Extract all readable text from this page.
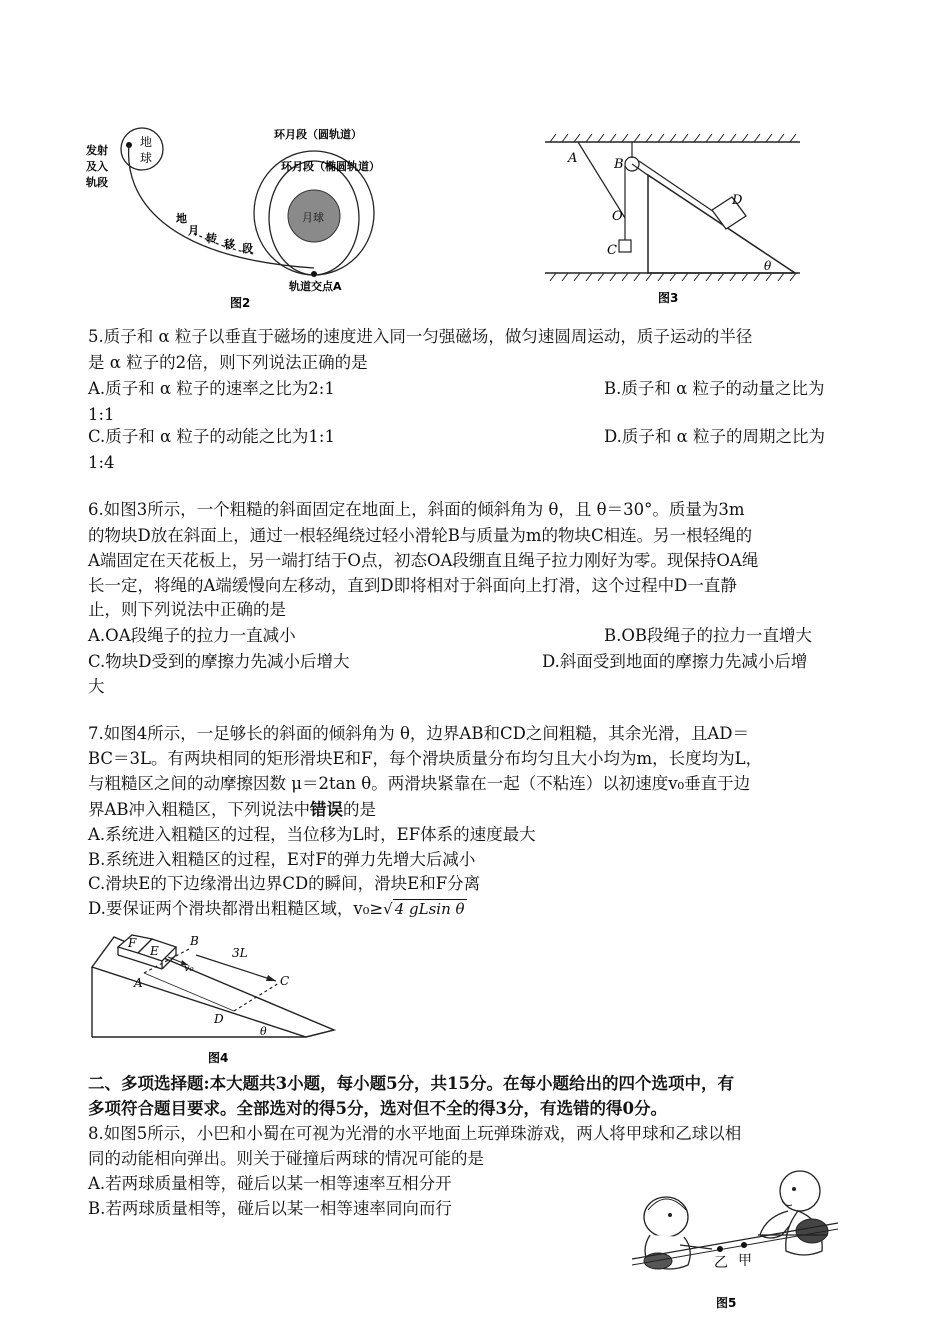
地
球
发射
及入
轨段
月球
环月段（圆轨道）
环月段（椭圆轨道）
地
月
转 移 段
轨道交点A
图2
A	B
O
C
D
θ
图3
5.质子和 α 粒子以垂直于磁场的速度进入同一匀强磁场，做匀速圆周运动，质子运动的半径
是 α 粒子的2倍，则下列说法正确的是
A.质子和 α 粒子的速率之比为2:1	B.质子和 α 粒子的动量之比为
1:1
C.质子和 α 粒子的动能之比为1:1	D.质子和 α 粒子的周期之比为
1:4
6.如图3所示，一个粗糙的斜面固定在地面上，斜面的倾斜角为 θ，且 θ＝30°。质量为3m
的物块D放在斜面上，通过一根轻绳绕过轻小滑轮B与质量为m的物块C相连。另一根轻绳的
A端固定在天花板上，另一端打结于O点，初态OA段绷直且绳子拉力刚好为零。现保持OA绳
长一定，将绳的A端缓慢向左移动，直到D即将相对于斜面向上打滑，这个过程中D一直静
止，则下列说法中正确的是
A.OA段绳子的拉力一直减小	B.OB段绳子的拉力一直增大
C.物块D受到的摩擦力先减小后增大	D.斜面受到地面的摩擦力先减小后增
大
7.如图4所示，一足够长的斜面的倾斜角为 θ，边界AB和CD之间粗糙，其余光滑，且AD＝
BC＝3L。有两块相同的矩形滑块E和F，每个滑块质量分布均匀且大小均为m，长度均为L，
与粗糙区之间的动摩擦因数 μ＝2tan θ。两滑块紧靠在一起（不粘连）以初速度v₀垂直于边
界AB冲入粗糙区，下列说法中错误的是
A.系统进入粗糙区的过程，当位移为L时，EF体系的速度最大
B.系统进入粗糙区的过程，E对F的弹力先增大后减小
C.滑块E的下边缘滑出边界CD的瞬间，滑块E和F分离
D.要保证两个滑块都滑出粗糙区域，v₀≥√ 4 gLsin θ
F
E
B
v₀
3L
A	C
D
θ
图4
二、多项选择题:本大题共3小题，每小题5分，共15分。在每小题给出的四个选项中，有
多项符合题目要求。全部选对的得5分，选对但不全的得3分，有选错的得0分。
8.如图5所示，小巴和小蜀在可视为光滑的水平地面上玩弹珠游戏，两人将甲球和乙球以相
同的动能相向弹出。则关于碰撞后两球的情况可能的是
A.若两球质量相等，碰后以某一相等速率互相分开
B.若两球质量相等，碰后以某一相等速率同向而行
乙 甲
图5
